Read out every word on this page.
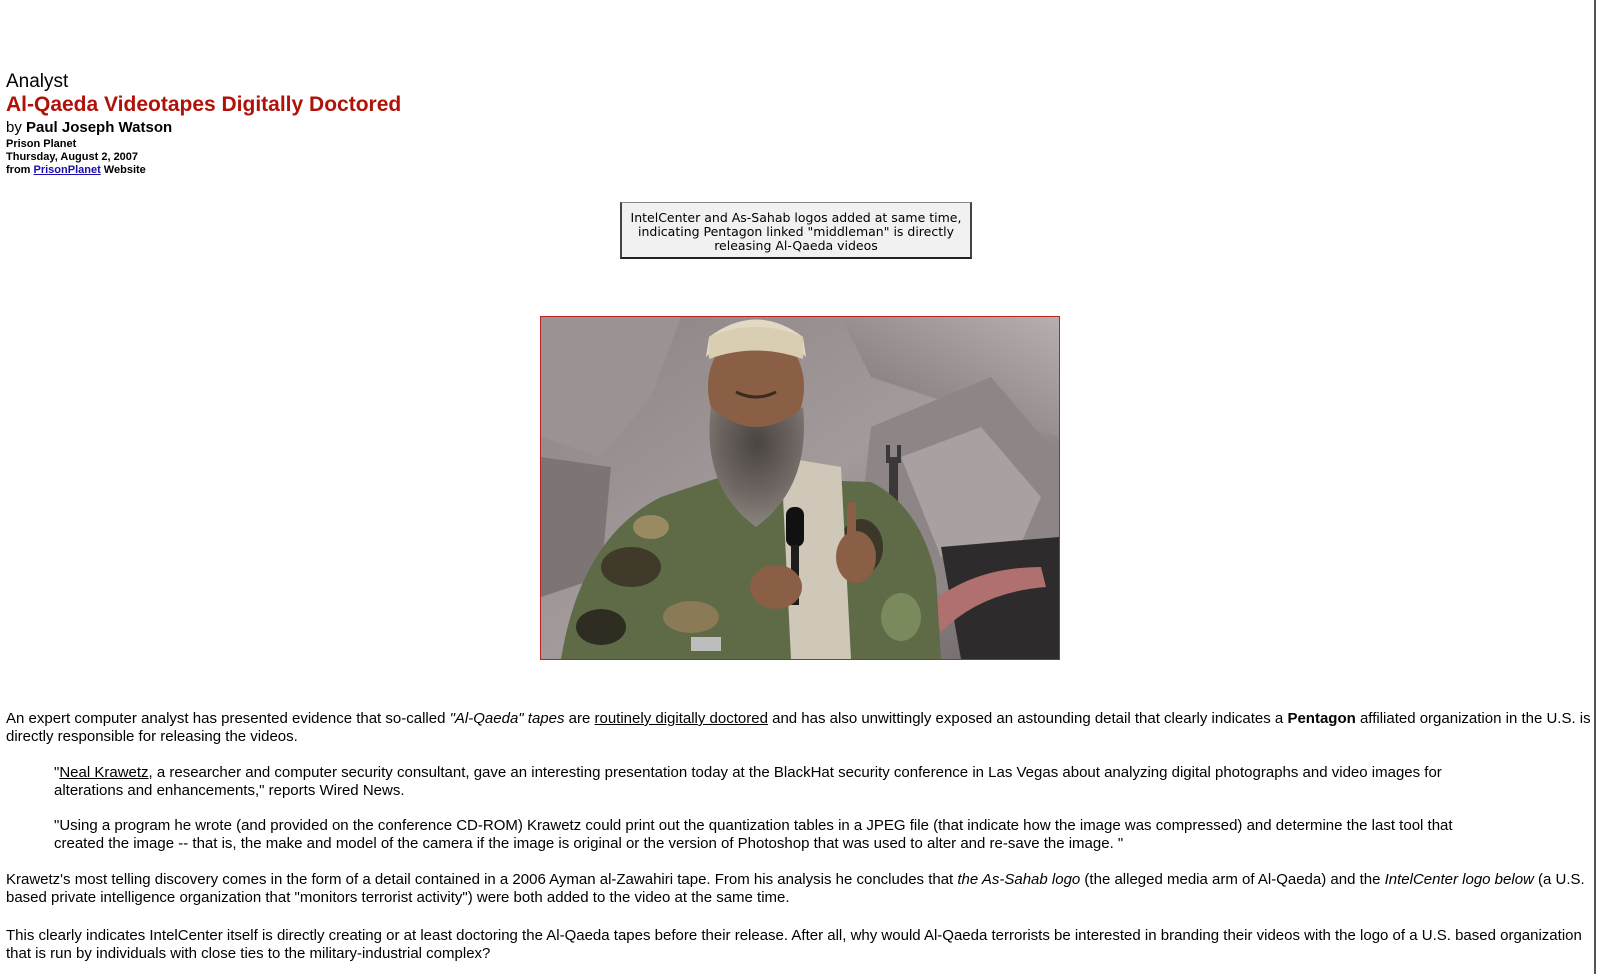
Analyst
Al-Qaeda Videotapes Digitally Doctored
by Paul Joseph Watson
Prison Planet
Thursday, August 2, 2007
from PrisonPlanet Website
IntelCenter and As-Sahab logos added at same time, indicating Pentagon linked "middleman" is directly releasing Al-Qaeda videos

An expert computer analyst has presented evidence that so-called "Al-Qaeda" tapes are routinely digitally doctored and has also unwittingly exposed an astounding detail that clearly indicates a Pentagon affiliated organization in the U.S. is directly responsible for releasing the videos.

"Neal Krawetz, a researcher and computer security consultant, gave an interesting presentation today at the BlackHat security conference in Las Vegas about analyzing digital photographs and video images for alterations and enhancements," reports Wired News.

"Using a program he wrote (and provided on the conference CD-ROM) Krawetz could print out the quantization tables in a JPEG file (that indicate how the image was compressed) and determine the last tool that created the image -- that is, the make and model of the camera if the image is original or the version of Photoshop that was used to alter and re-save the image. "

Krawetz's most telling discovery comes in the form of a detail contained in a 2006 Ayman al-Zawahiri tape. From his analysis he concludes that the As-Sahab logo (the alleged media arm of Al-Qaeda) and the IntelCenter logo below (a U.S. based private intelligence organization that "monitors terrorist activity") were both added to the video at the same time.

This clearly indicates IntelCenter itself is directly creating or at least doctoring the Al-Qaeda tapes before their release. After all, why would Al-Qaeda terrorists be interested in branding their videos with the logo of a U.S. based organization that is run by individuals with close ties to the military-industrial complex?
